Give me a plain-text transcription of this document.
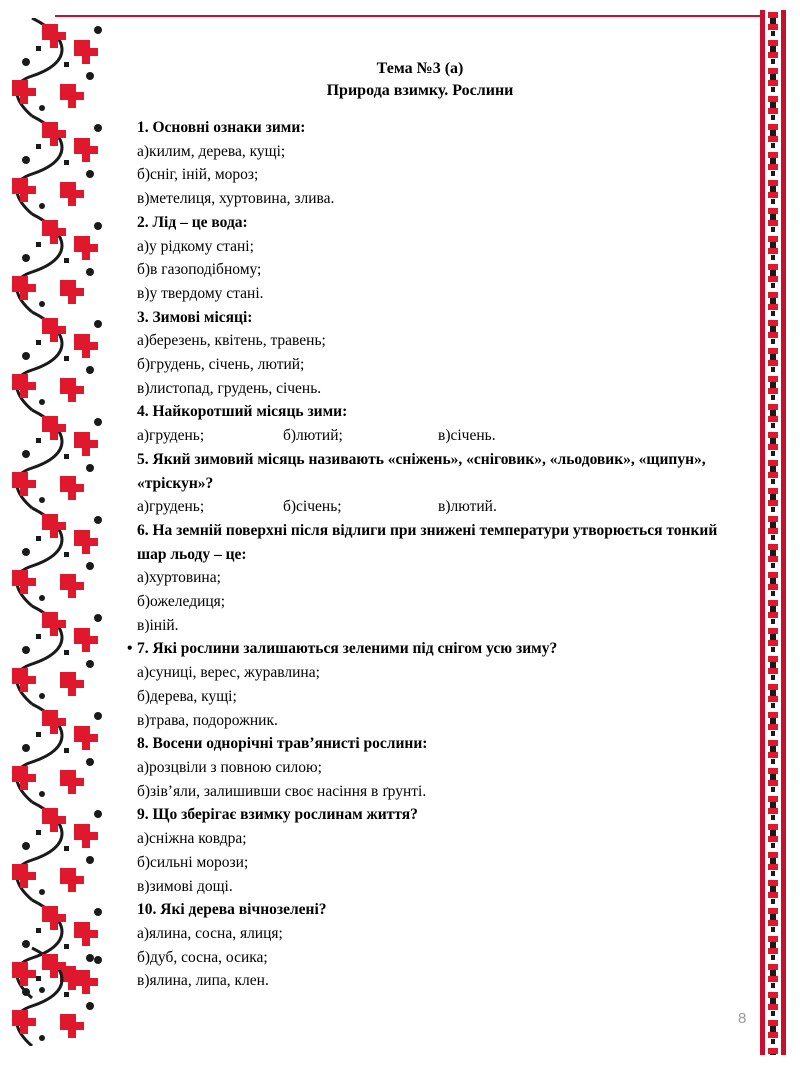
Тема №3 (а)
Природа взимку. Рослини
1. Основні ознаки зими:
а)килим, дерева, кущі;
б)сніг, іній, мороз;
в)метелиця, хуртовина, злива.
2. Лід – це вода:
а)у рідкому стані;
б)в газоподібному;
в)у твердому стані.
3. Зимові місяці:
а)березень, квітень, травень;
б)грудень, січень, лютий;
в)листопад, грудень, січень.
4. Найкоротший місяць зими:
а)грудень;	б)лютий;	в)січень.
5. Який зимовий місяць називають «сніжень», «сніговик», «льодовик», «щипун», «тріскун»?
а)грудень;	б)січень;	в)лютий.
6. На земній поверхні після відлиги при знижені температури утворюється тонкий шар льоду – це:
а)хуртовина;
б)ожеледиця;
в)іній.
• 7. Які рослини залишаються зеленими під снігом усю зиму?
а)суниці, верес, журавлина;
б)дерева, кущі;
в)трава, подорожник.
8. Восени однорічні трав’янисті рослини:
а)розцвіли з повною силою;
б)зів’яли, залишивши своє насіння в ґрунті.
9. Що зберігає взимку рослинам життя?
а)сніжна ковдра;
б)сильні морози;
в)зимові дощі.
10. Які дерева вічнозелені?
а)ялина, сосна, ялиця;
б)дуб, сосна, осика;
в)ялина, липа, клен.
8
